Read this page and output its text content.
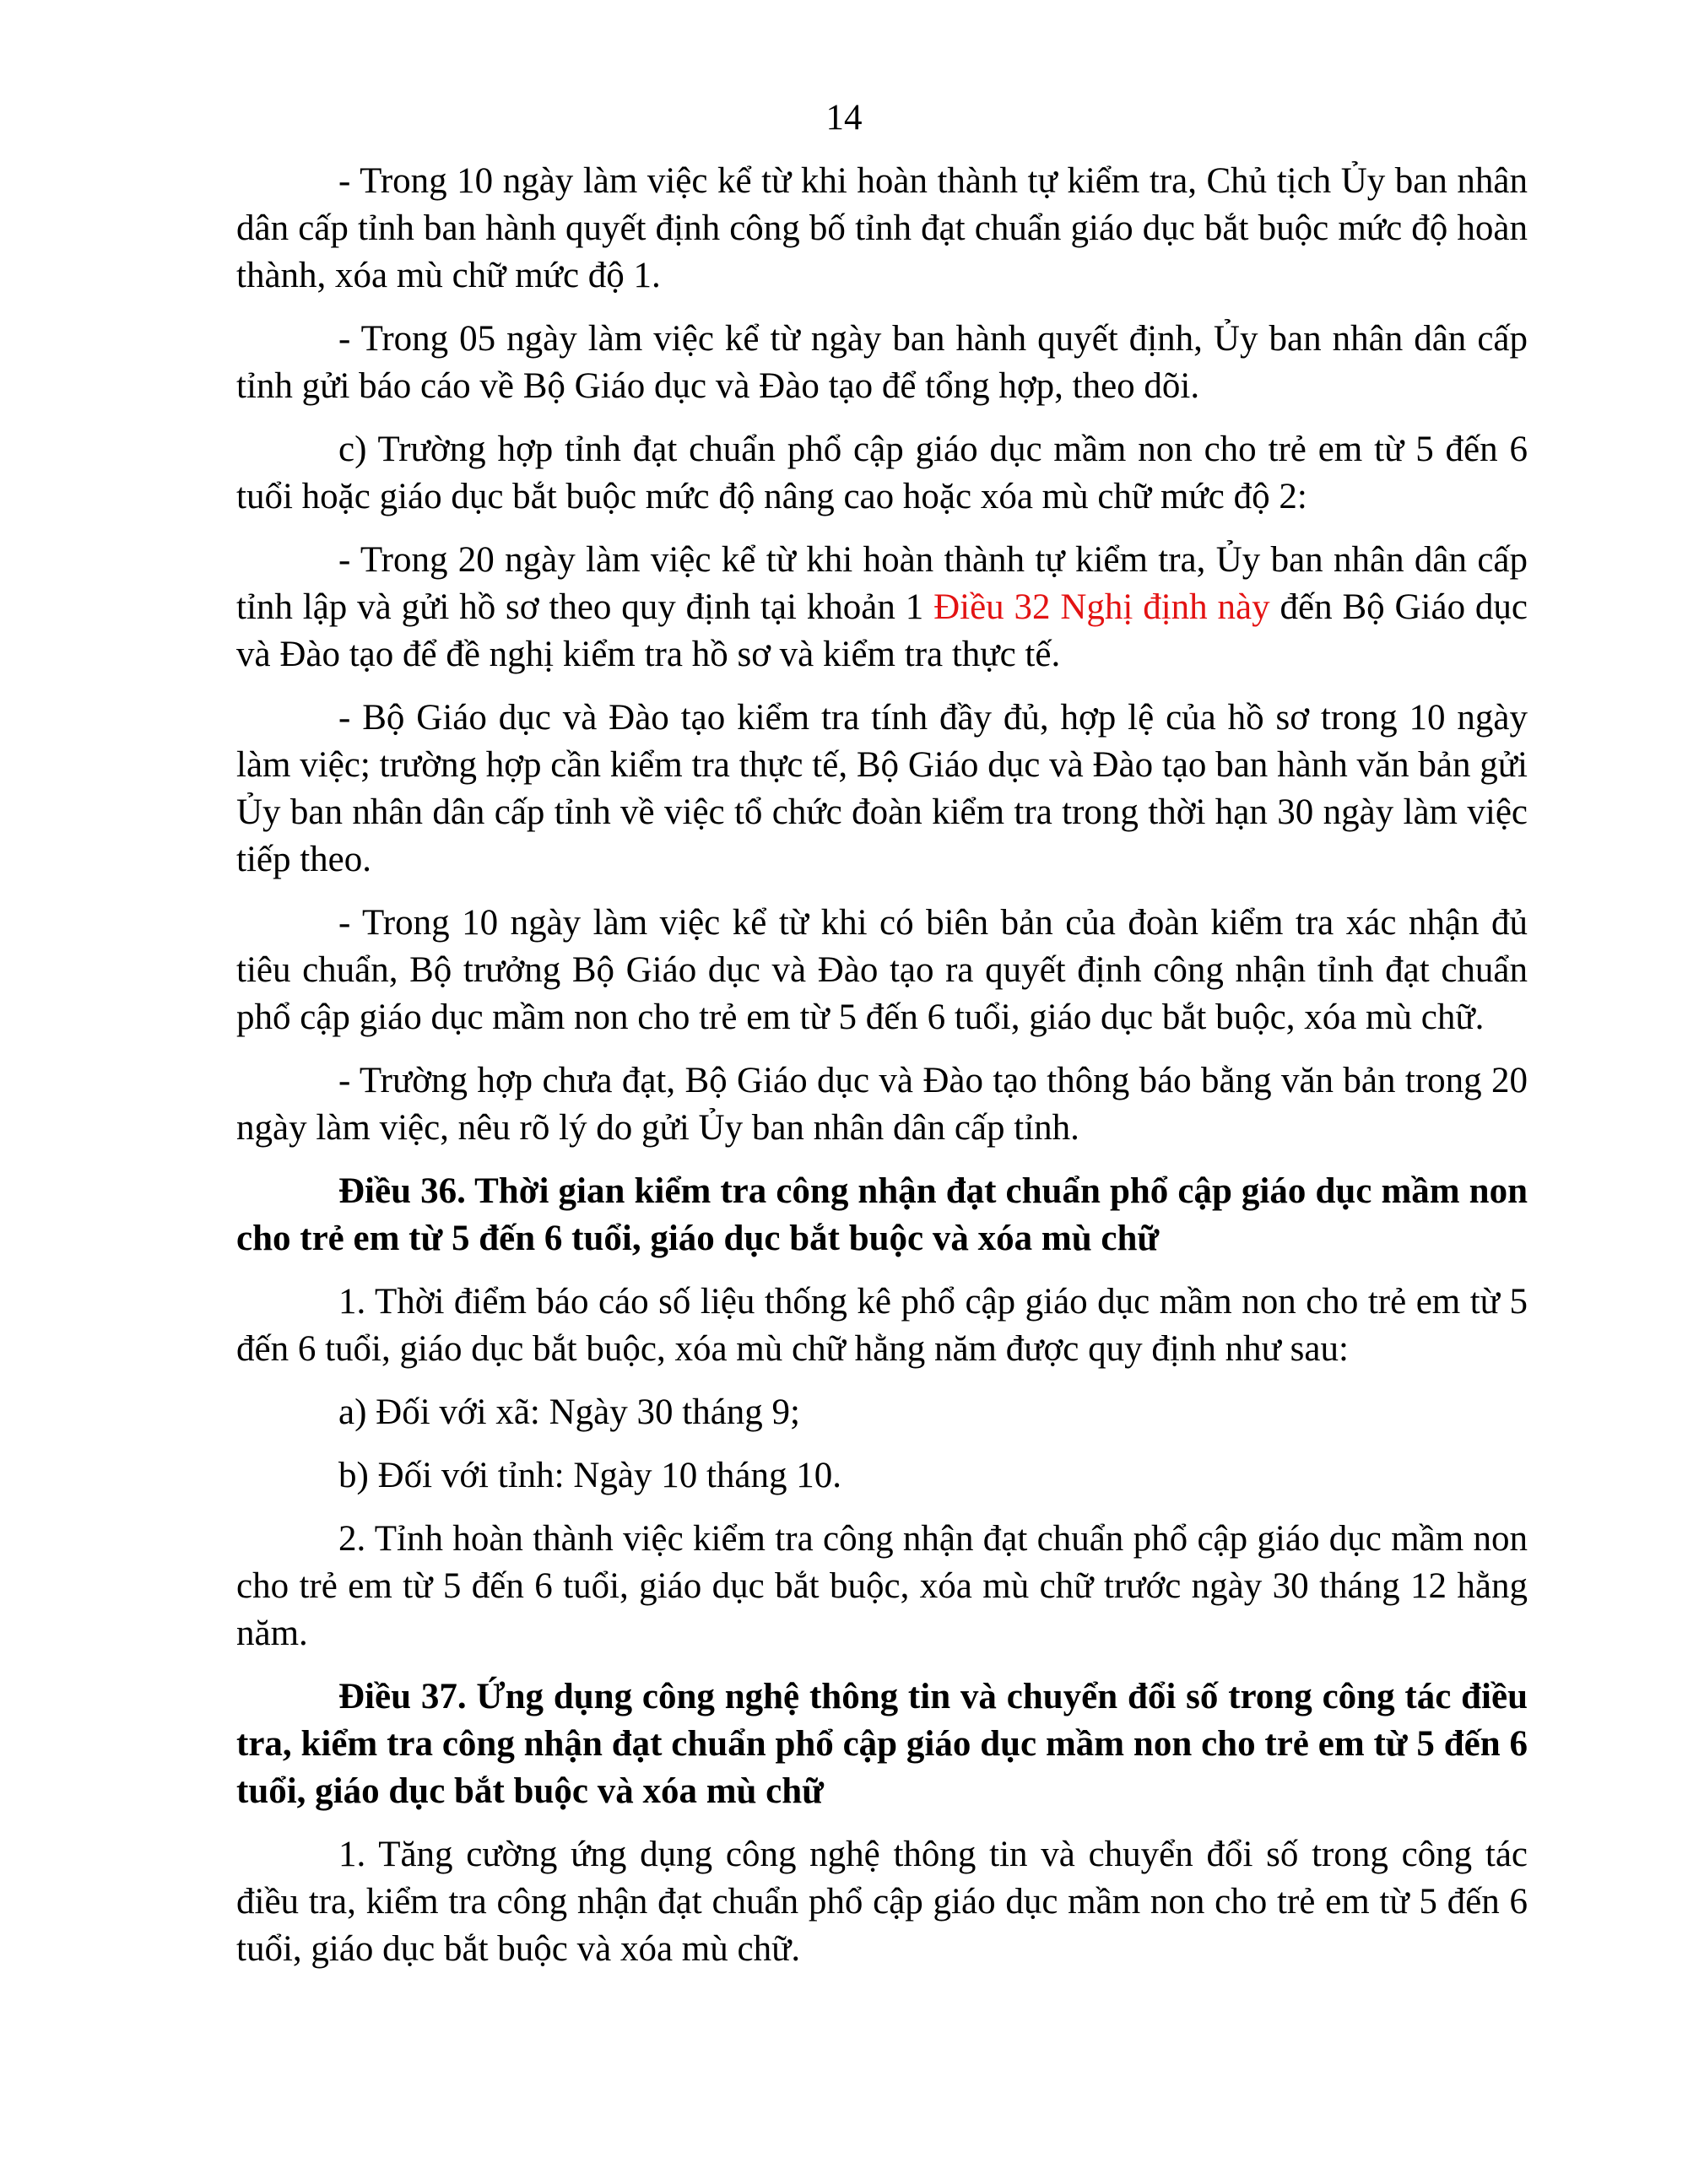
14

- Trong 10 ngày làm việc kể từ khi hoàn thành tự kiểm tra, Chủ tịch Ủy ban nhân dân cấp tỉnh ban hành quyết định công bố tỉnh đạt chuẩn giáo dục bắt buộc mức độ hoàn thành, xóa mù chữ mức độ 1.

- Trong 05 ngày làm việc kể từ ngày ban hành quyết định, Ủy ban nhân dân cấp tỉnh gửi báo cáo về Bộ Giáo dục và Đào tạo để tổng hợp, theo dõi.

c) Trường hợp tỉnh đạt chuẩn phổ cập giáo dục mầm non cho trẻ em từ 5 đến 6 tuổi hoặc giáo dục bắt buộc mức độ nâng cao hoặc xóa mù chữ mức độ 2:

- Trong 20 ngày làm việc kể từ khi hoàn thành tự kiểm tra, Ủy ban nhân dân cấp tỉnh lập và gửi hồ sơ theo quy định tại khoản 1 Điều 32 Nghị định này đến Bộ Giáo dục và Đào tạo để đề nghị kiểm tra hồ sơ và kiểm tra thực tế.

- Bộ Giáo dục và Đào tạo kiểm tra tính đầy đủ, hợp lệ của hồ sơ trong 10 ngày làm việc; trường hợp cần kiểm tra thực tế, Bộ Giáo dục và Đào tạo ban hành văn bản gửi Ủy ban nhân dân cấp tỉnh về việc tổ chức đoàn kiểm tra trong thời hạn 30 ngày làm việc tiếp theo.

- Trong 10 ngày làm việc kể từ khi có biên bản của đoàn kiểm tra xác nhận đủ tiêu chuẩn, Bộ trưởng Bộ Giáo dục và Đào tạo ra quyết định công nhận tỉnh đạt chuẩn phổ cập giáo dục mầm non cho trẻ em từ 5 đến 6 tuổi, giáo dục bắt buộc, xóa mù chữ.

- Trường hợp chưa đạt, Bộ Giáo dục và Đào tạo thông báo bằng văn bản trong 20 ngày làm việc, nêu rõ lý do gửi Ủy ban nhân dân cấp tỉnh.

Điều 36. Thời gian kiểm tra công nhận đạt chuẩn phổ cập giáo dục mầm non cho trẻ em từ 5 đến 6 tuổi, giáo dục bắt buộc và xóa mù chữ

1. Thời điểm báo cáo số liệu thống kê phổ cập giáo dục mầm non cho trẻ em từ 5 đến 6 tuổi, giáo dục bắt buộc, xóa mù chữ hằng năm được quy định như sau:

a) Đối với xã: Ngày 30 tháng 9;

b) Đối với tỉnh: Ngày 10 tháng 10.

2. Tỉnh hoàn thành việc kiểm tra công nhận đạt chuẩn phổ cập giáo dục mầm non cho trẻ em từ 5 đến 6 tuổi, giáo dục bắt buộc, xóa mù chữ trước ngày 30 tháng 12 hằng năm.

Điều 37. Ứng dụng công nghệ thông tin và chuyển đổi số trong công tác điều tra, kiểm tra công nhận đạt chuẩn phổ cập giáo dục mầm non cho trẻ em từ 5 đến 6 tuổi, giáo dục bắt buộc và xóa mù chữ

1. Tăng cường ứng dụng công nghệ thông tin và chuyển đổi số trong công tác điều tra, kiểm tra công nhận đạt chuẩn phổ cập giáo dục mầm non cho trẻ em từ 5 đến 6 tuổi, giáo dục bắt buộc và xóa mù chữ.
